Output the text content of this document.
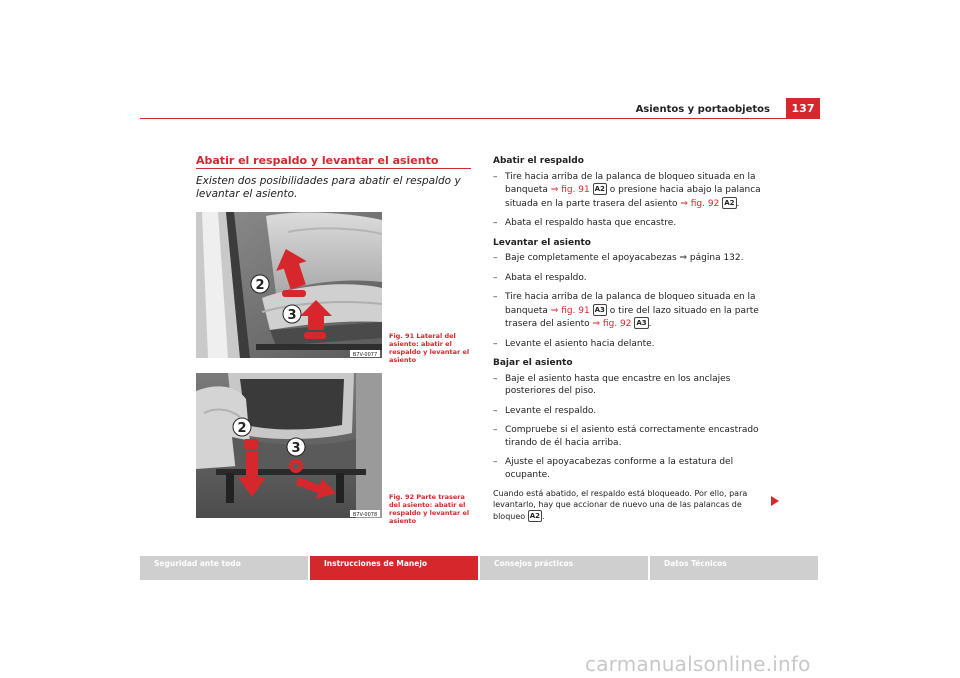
Asientos y portaobjetos	137
Abatir el respaldo y levantar el asiento
Existen dos posibilidades para abatir el respaldo y levantar el asiento.
2
3
B7V-0077
Fig. 91 Lateral del asiento: abatir el respaldo y levantar el asiento
2
3
B7V-0078
Fig. 92 Parte trasera del asiento: abatir el respaldo y levantar el asiento
Abatir el respaldo
– Tire hacia arriba de la palanca de bloqueo situada en la banqueta ⇒ fig. 91 A2 o presione hacia abajo la palanca situada en la parte trasera del asiento ⇒ fig. 92 A2 .
– Abata el respaldo hasta que encastre.
Levantar el asiento
– Baje completamente el apoyacabezas ⇒ página 132.
– Abata el respaldo.
– Tire hacia arriba de la palanca de bloqueo situada en la banqueta ⇒ fig. 91 A3 o tire del lazo situado en la parte trasera del asiento ⇒ fig. 92 A3 .
– Levante el asiento hacia delante.
Bajar el asiento
– Baje el asiento hasta que encastre en los anclajes posteriores del piso.
– Levante el respaldo.
– Compruebe si el asiento está correctamente encastrado tirando de él hacia arriba.
– Ajuste el apoyacabezas conforme a la estatura del ocupante.
Cuando está abatido, el respaldo está bloqueado. Por ello, para levantarlo, hay que accionar de nuevo una de las palancas de bloqueo A2 .
Seguridad ante todo	Instrucciones de Manejo	Consejos prácticos	Datos Técnicos
carmanualsonline.info
